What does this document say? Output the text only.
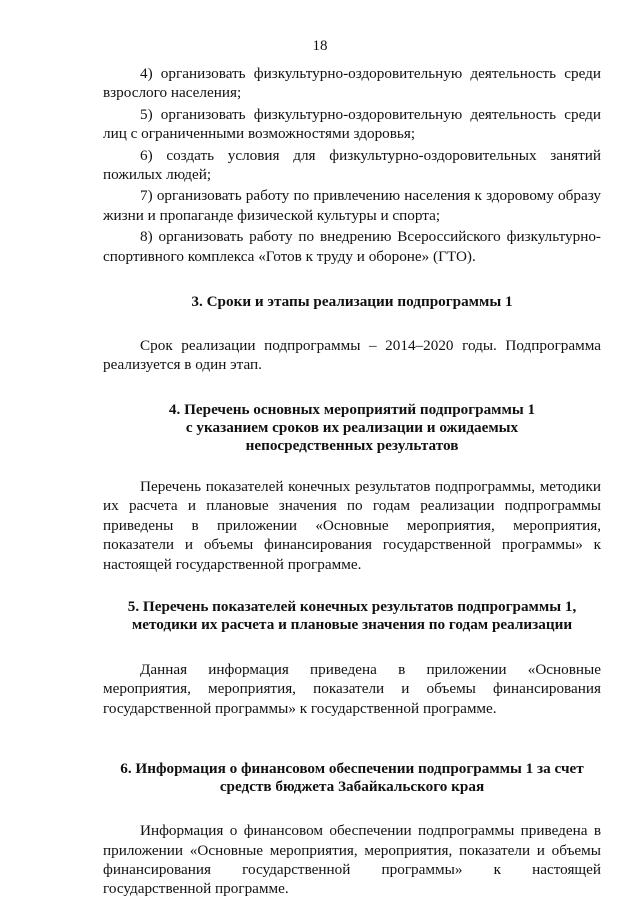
18

4) организовать физкультурно-оздоровительную деятельность среди взрослого населения;

5) организовать физкультурно-оздоровительную деятельность среди лиц с ограниченными возможностями здоровья;

6) создать условия для физкультурно-оздоровительных занятий пожилых людей;

7) организовать работу по привлечению населения к здоровому образу жизни и пропаганде физической культуры и спорта;

8) организовать работу по внедрению Всероссийского физкультурно-спортивного комплекса «Готов к труду и обороне» (ГТО).

3. Сроки и этапы реализации подпрограммы 1

Срок реализации подпрограммы – 2014–2020 годы. Подпрограмма реализуется в один этап.

4. Перечень основных мероприятий подпрограммы 1
с указанием сроков их реализации и ожидаемых
непосредственных результатов

Перечень показателей конечных результатов подпрограммы, методики их расчета и плановые значения по годам реализации подпрограммы приведены в приложении «Основные мероприятия, мероприятия, показатели и объемы финансирования государственной программы» к настоящей государственной программе.

5. Перечень показателей конечных результатов подпрограммы 1,
методики их расчета и плановые значения по годам реализации

Данная информация приведена в приложении «Основные мероприятия, мероприятия, показатели и объемы финансирования государственной программы» к государственной программе.

6. Информация о финансовом обеспечении подпрограммы 1 за счет
средств бюджета Забайкальского края

Информация о финансовом обеспечении подпрограммы приведена в приложении «Основные мероприятия, мероприятия, показатели и объемы финансирования государственной программы» к настоящей государственной программе.
